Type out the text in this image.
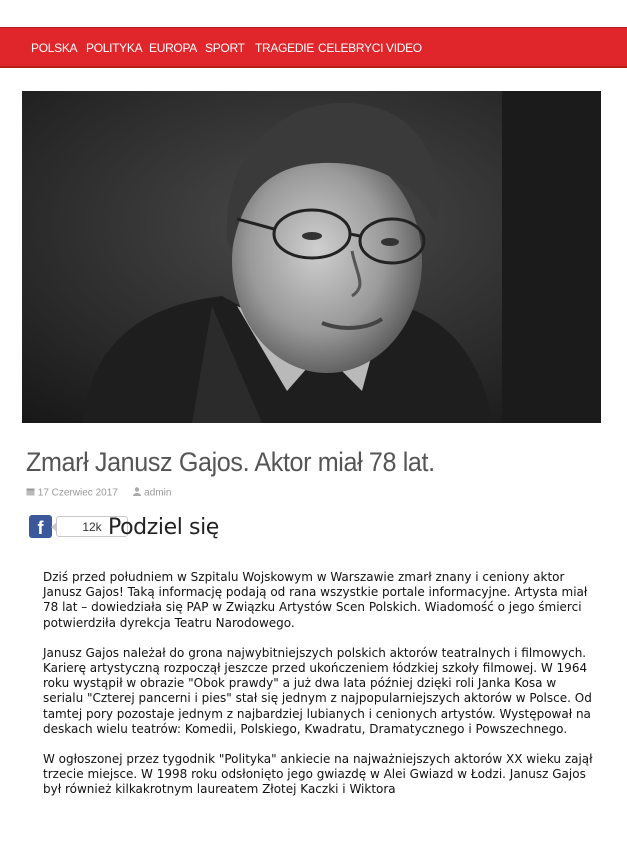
POLSKA POLITYKA EUROPA SPORT TRAGEDIE CELEBRYCI VIDEO
Zmarł Janusz Gajos. Aktor miał 78 lat.
17 Czerwiec 2017	admin
f	12k Podziel się

Dziś przed południem w Szpitalu Wojskowym w Warszawie zmarł znany i ceniony aktor Janusz Gajos! Taką informację podają od rana wszystkie portale informacyjne. Artysta miał 78 lat – dowiedziała się PAP w Związku Artystów Scen Polskich. Wiadomość o jego śmierci potwierdziła dyrekcja Teatru Narodowego.

Janusz Gajos należał do grona najwybitniejszych polskich aktorów teatralnych i filmowych. Karierę artystyczną rozpoczął jeszcze przed ukończeniem łódzkiej szkoły filmowej. W 1964 roku wystąpił w obrazie "Obok prawdy" a już dwa lata później dzięki roli Janka Kosa w serialu "Czterej pancerni i pies" stał się jednym z najpopularniejszych aktorów w Polsce. Od tamtej pory pozostaje jednym z najbardziej lubianych i cenionych artystów. Występował na deskach wielu teatrów: Komedii, Polskiego, Kwadratu, Dramatycznego i Powszechnego.

W ogłoszonej przez tygodnik "Polityka" ankiecie na najważniejszych aktorów XX wieku zajął trzecie miejsce. W 1998 roku odsłonięto jego gwiazdę w Alei Gwiazd w Łodzi. Janusz Gajos był również kilkakrotnym laureatem Złotej Kaczki i Wiktora
